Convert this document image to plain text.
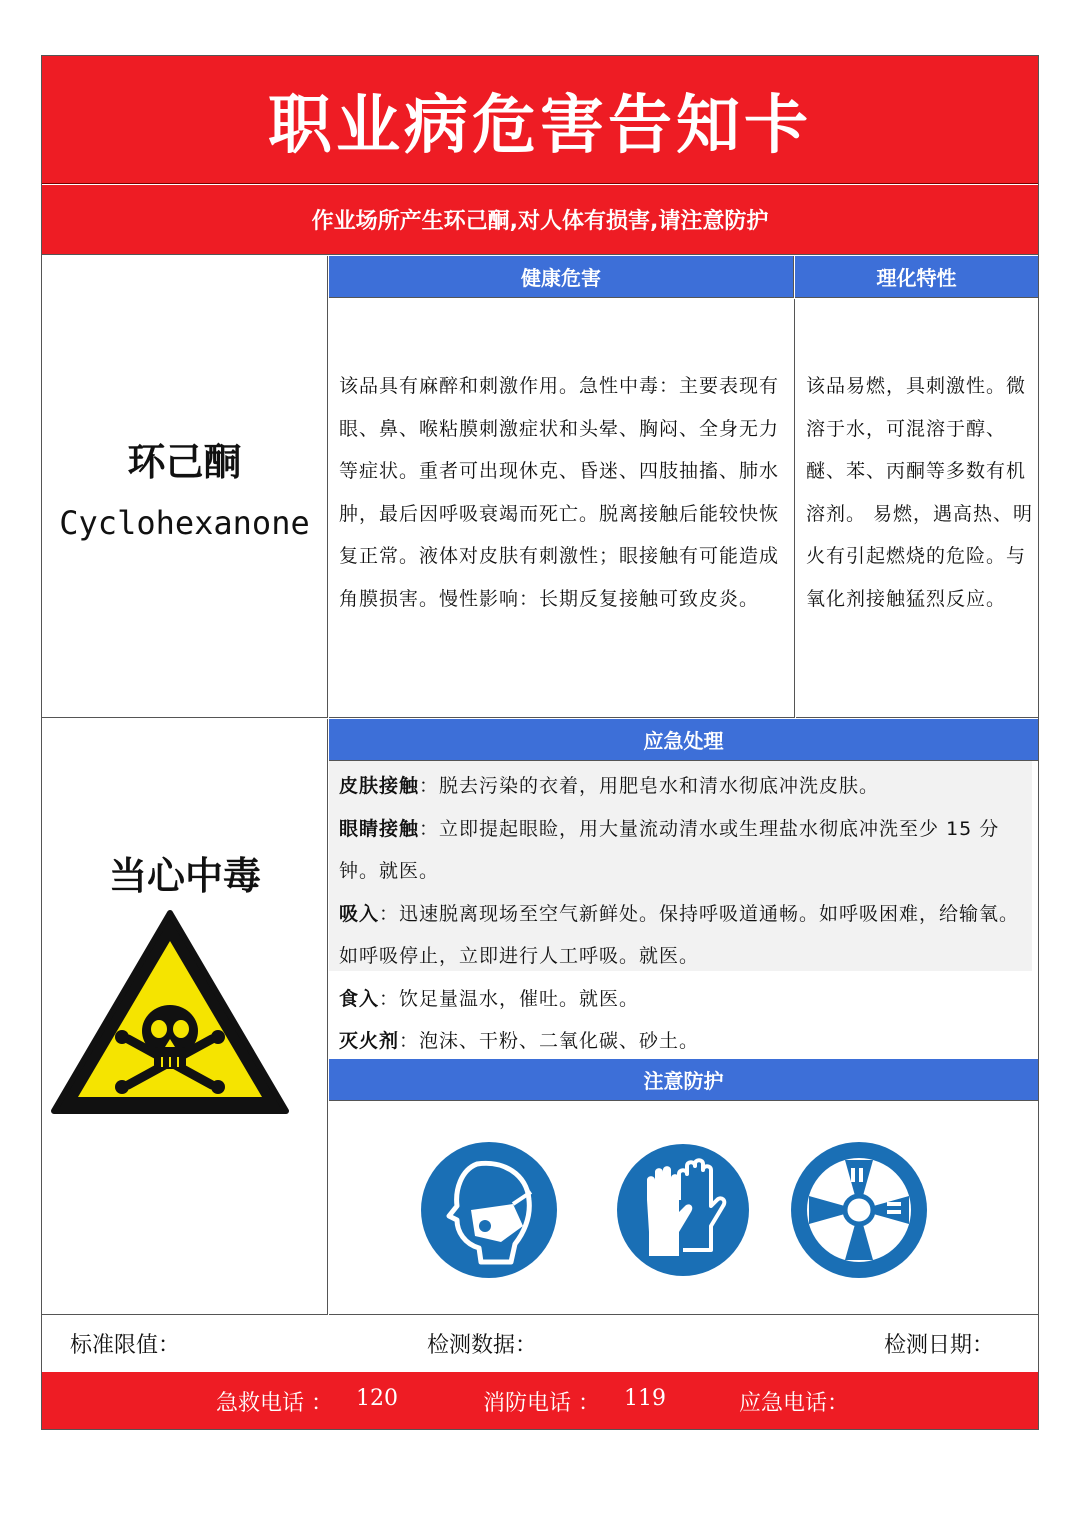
职业病危害告知卡
作业场所产生环己酮,对人体有损害,请注意防护
环己酮
Cyclohexanone
健康危害	理化特性
该品具有麻醉和刺激作用。急性中毒：主要表现有眼、鼻、喉粘膜刺激症状和头晕、胸闷、全身无力等症状。重者可出现休克、昏迷、四肢抽搐、肺水肿，最后因呼吸衰竭而死亡。脱离接触后能较快恢复正常。液体对皮肤有刺激性；眼接触有可能造成角膜损害。慢性影响：长期反复接触可致皮炎。
该品易燃，具刺激性。微溶于水，可混溶于醇、醚、苯、丙酮等多数有机溶剂。 易燃，遇高热、明火有引起燃烧的危险。与氧化剂接触猛烈反应。
当心中毒
应急处理

皮肤接触：脱去污染的衣着，用肥皂水和清水彻底冲洗皮肤。

眼睛接触：立即提起眼睑，用大量流动清水或生理盐水彻底冲洗至少 15 分钟。就医。

吸入：迅速脱离现场至空气新鲜处。保持呼吸道通畅。如呼吸困难，给输氧。如呼吸停止，立即进行人工呼吸。就医。

食入：饮足量温水，催吐。就医。

灭火剂：泡沫、干粉、二氧化碳、砂土。

注意防护
标准限值：	检测数据：	检测日期：
急救电话 ： 120	消防电话 ： 119	应急电话：
